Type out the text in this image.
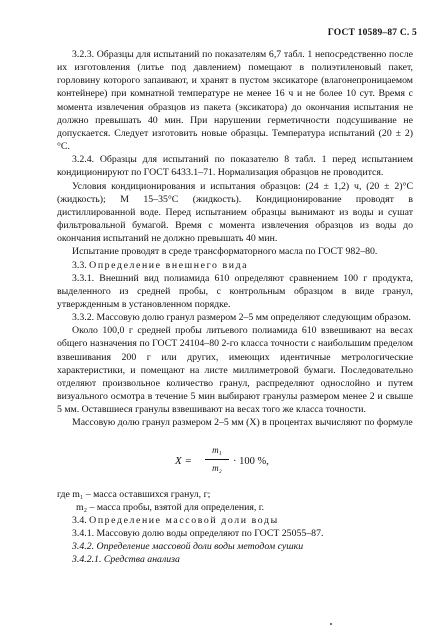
ГОСТ 10589–87 С. 5

3.2.3. Образцы для испытаний по показателям 6,7 табл. 1 непосредственно после их изготовления (литье под давлением) помещают в полиэтиленовый пакет, горловину которого запаивают, и хранят в пустом эксикаторе (влагонепроницаемом контейнере) при комнатной температуре не менее 16 ч и не более 10 сут. Время с момента извлечения образцов из пакета (эксикатора) до окончания испытания не должно превышать 40 мин. При нарушении герметичности подсушивание не допускается. Следует изготовить новые образцы. Температура испытаний (20 ± 2)°С.

3.2.4. Образцы для испытаний по показателю 8 табл. 1 перед испытанием кондиционируют по ГОСТ 6433.1–71. Нормализация образцов не проводится.

Условия кондиционирования и испытания образцов: (24 ± 1,2) ч, (20 ± 2)°С (жидкость); М 15–35°С (жидкость). Кондиционирование проводят в дистиллированной воде. Перед испытанием образцы вынимают из воды и сушат фильтровальной бумагой. Время с момента извлечения образцов из воды до окончания испытаний не должно превышать 40 мин.

Испытание проводят в среде трансформаторного масла по ГОСТ 982–80.

3.3. Определение внешнего вида

3.3.1. Внешний вид полиамида 610 определяют сравнением 100 г продукта, выделенного из средней пробы, с контрольным образцом в виде гранул, утвержденным в установленном порядке.

3.3.2. Массовую долю гранул размером 2–5 мм определяют следующим образом.

Около 100,0 г средней пробы литьевого полиамида 610 взвешивают на весах общего назначения по ГОСТ 24104–80 2-го класса точности с наибольшим пределом взвешивания 200 г или других, имеющих идентичные метрологические характеристики, и помещают на листе миллиметровой бумаги. Последовательно отделяют произвольное количество гранул, распределяют однослойно и путем визуального осмотра в течение 5 мин выбирают гранулы размером менее 2 и свыше 5 мм. Оставшиеся гранулы взвешивают на весах того же класса точности.

Массовую долю гранул размером 2–5 мм (X) в процентах вычисляют по формуле

X =
m₁
m₂
· 100 %,

где m₁ – масса оставшихся гранул, г;

m₂ – масса пробы, взятой для определения, г.

3.4. Определение массовой доли воды

3.4.1. Массовую долю воды определяют по ГОСТ 25055–87.

3.4.2. Определение массовой доли воды методом сушки

3.4.2.1. Средства анализа
